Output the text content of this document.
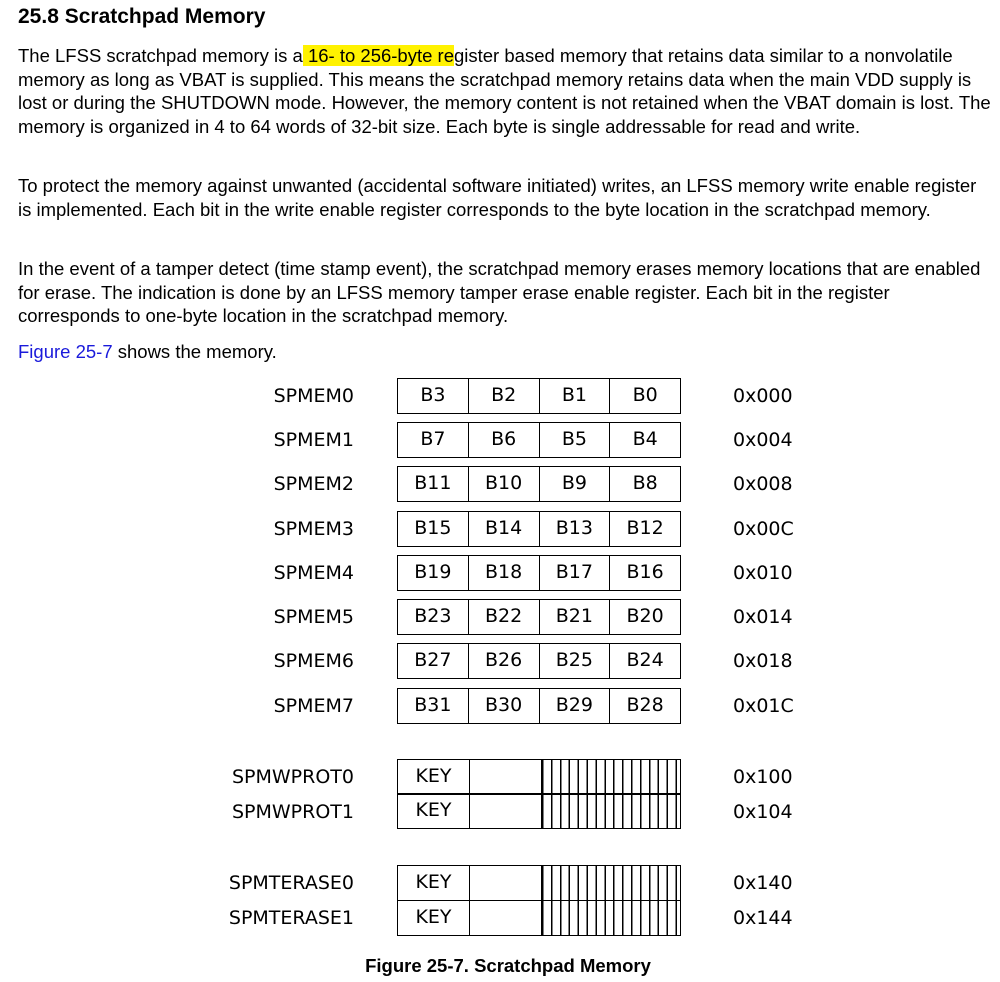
25.8 Scratchpad Memory

The LFSS scratchpad memory is a 16- to 256-byte register based memory that retains data similar to a nonvolatile memory as long as VBAT is supplied. This means the scratchpad memory retains data when the main VDD supply is lost or during the SHUTDOWN mode. However, the memory content is not retained when the VBAT domain is lost. The memory is organized in 4 to 64 words of 32-bit size. Each byte is single addressable for read and write.

To protect the memory against unwanted (accidental software initiated) writes, an LFSS memory write enable register is implemented. Each bit in the write enable register corresponds to the byte location in the scratchpad memory.

In the event of a tamper detect (time stamp event), the scratchpad memory erases memory locations that are enabled for erase. The indication is done by an LFSS memory tamper erase enable register. Each bit in the register corresponds to one-byte location in the scratchpad memory.

Figure 25-7 shows the memory.

SPMEM0	B3	B2	B1	B0	0x000
SPMEM1	B7	B6	B5	B4	0x004
SPMEM2	B11	B10	B9	B8	0x008
SPMEM3	B15	B14	B13	B12	0x00C
SPMEM4	B19	B18	B17	B16	0x010
SPMEM5	B23	B22	B21	B20	0x014
SPMEM6	B27	B26	B25	B24	0x018
SPMEM7	B31	B30	B29	B28	0x01C
SPMWPROT0	KEY	0x100
SPMWPROT1	KEY	0x104
SPMTERASE0	KEY	0x140
SPMTERASE1	KEY	0x144
Figure 25-7. Scratchpad Memory
